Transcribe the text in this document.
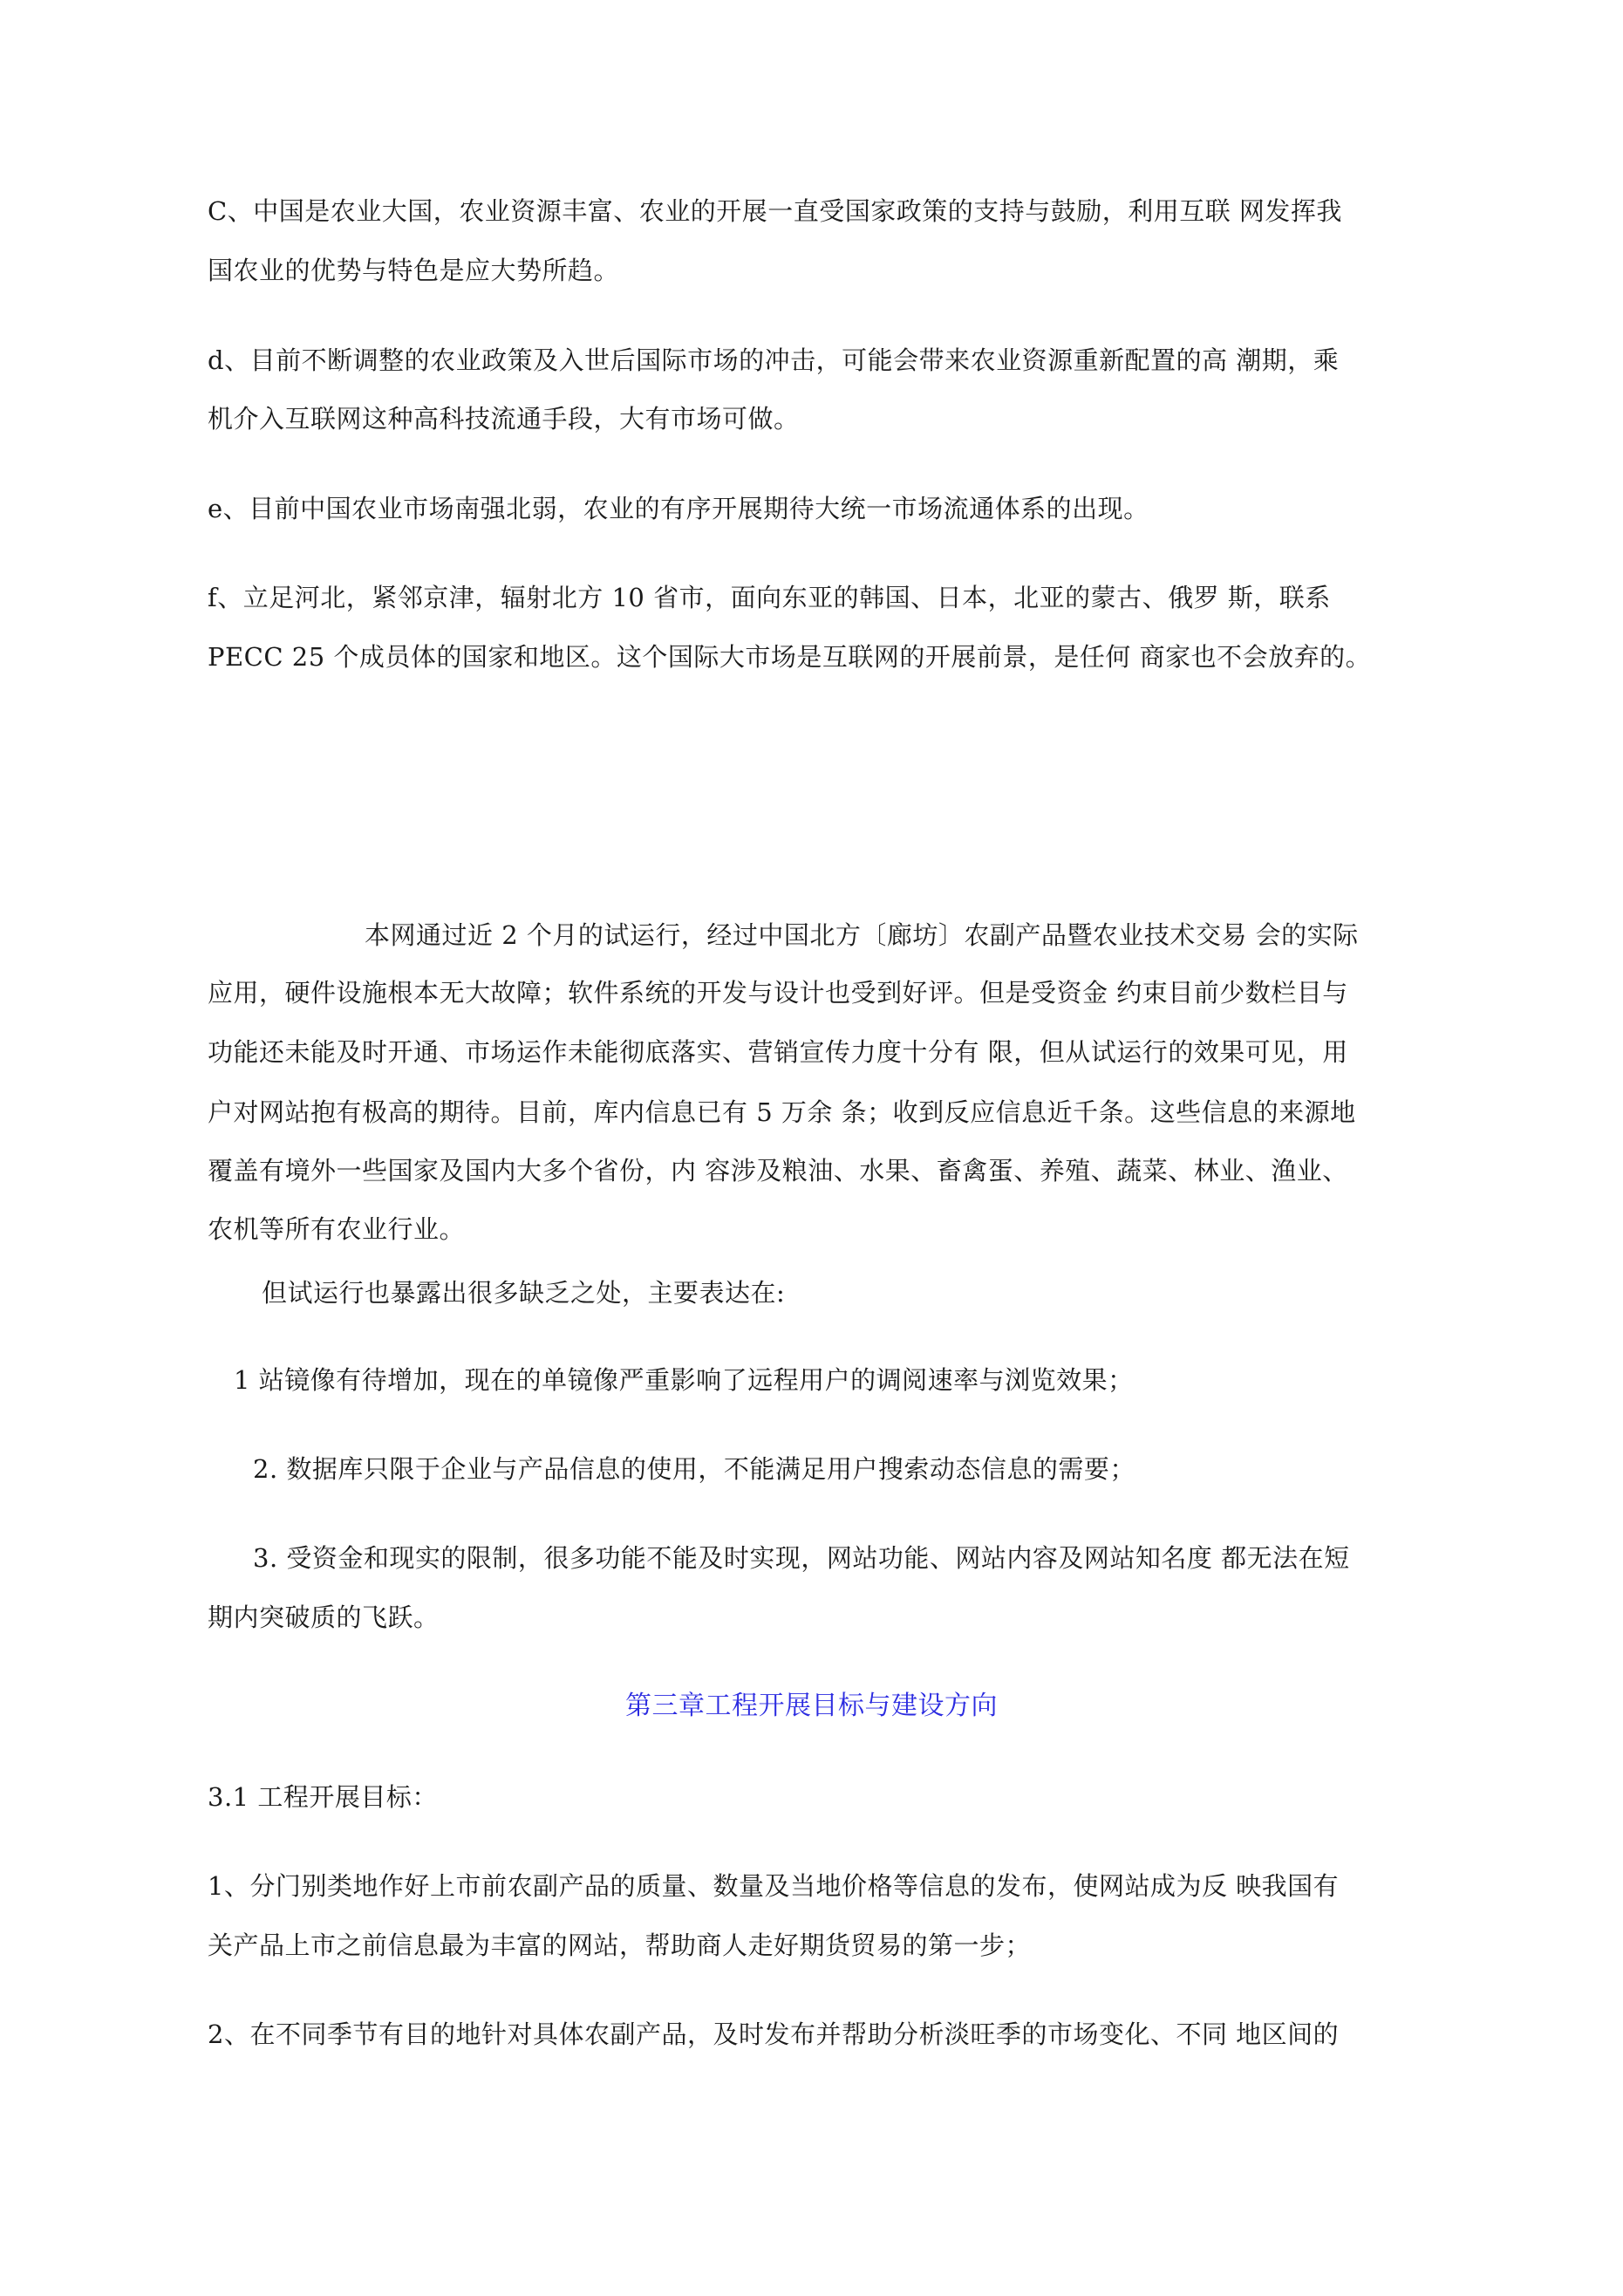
C、中国是农业大国，农业资源丰富、农业的开展一直受国家政策的支持与鼓励，利用互联 网发挥我
国农业的优势与特色是应大势所趋。
d、目前不断调整的农业政策及入世后国际市场的冲击，可能会带来农业资源重新配置的高 潮期，乘
机介入互联网这种高科技流通手段，大有市场可做。
e、目前中国农业市场南强北弱，农业的有序开展期待大统一市场流通体系的出现。
f、立足河北，紧邻京津，辐射北方 10 省市，面向东亚的韩国、日本，北亚的蒙古、俄罗 斯，联系
PECC 25 个成员体的国家和地区。这个国际大市场是互联网的开展前景，是任何 商家也不会放弃的。
本网通过近 2 个月的试运行，经过中国北方〔廊坊〕农副产品暨农业技术交易 会的实际
应用，硬件设施根本无大故障；软件系统的开发与设计也受到好评。但是受资金 约束目前少数栏目与
功能还未能及时开通、市场运作未能彻底落实、营销宣传力度十分有 限，但从试运行的效果可见，用
户对网站抱有极高的期待。目前，库内信息已有 5 万余 条；收到反应信息近千条。这些信息的来源地
覆盖有境外一些国家及国内大多个省份，内 容涉及粮油、水果、畜禽蛋、养殖、蔬菜、林业、渔业、
农机等所有农业行业。
但试运行也暴露出很多缺乏之处，主要表达在:
1 站镜像有待增加，现在的单镜像严重影响了远程用户的调阅速率与浏览效果；
2. 数据库只限于企业与产品信息的使用，不能满足用户搜索动态信息的需要；
3. 受资金和现实的限制，很多功能不能及时实现，网站功能、网站内容及网站知名度 都无法在短
期内突破质的飞跃。
第三章工程开展目标与建设方向
3.1 工程开展目标：
1、分门别类地作好上市前农副产品的质量、数量及当地价格等信息的发布，使网站成为反 映我国有
关产品上市之前信息最为丰富的网站，帮助商人走好期货贸易的第一步；
2、在不同季节有目的地针对具体农副产品，及时发布并帮助分析淡旺季的市场变化、不同 地区间的
